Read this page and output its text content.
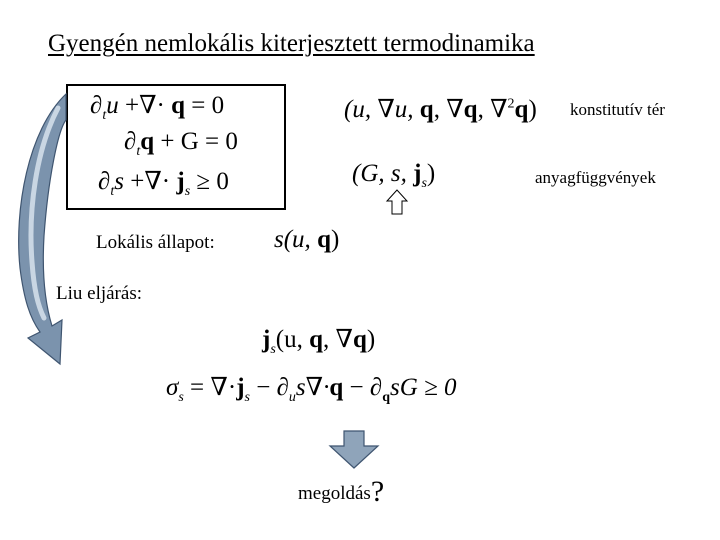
Gyengén nemlokális kiterjesztett termodinamika
$\partial_tu$ +∇· q = 0
$\partial_tq + G = 0$
$\partial_ts$ +∇· $j_s \ge 0$
(u, ∇u, q, ∇q, ∇$^2$q) konstitutív tér
(G, s, $j_s$)	anyagfüggvények
Lokális állapot: s(u, q)
Liu eljárás:
$j_s(u$, q, ∇q)
$\sigma_s = \nabla\cdot j_s - \partial_us\nabla\cdot q - \partial_qsG \ge 0$
megoldás?
